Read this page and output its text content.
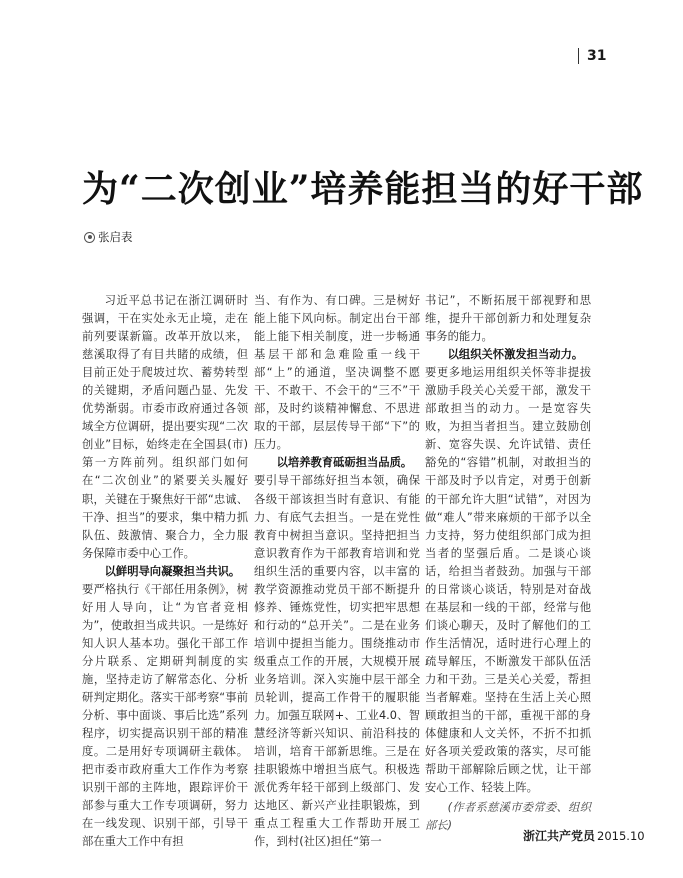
31
为“二次创业”培养能担当的好干部
张启表

习近平总书记在浙江调研时强调，干在实处永无止境，走在前列要谋新篇。改革开放以来，慈溪取得了有目共睹的成绩，但目前正处于爬坡过坎、蓄势转型的关键期，矛盾问题凸显、先发优势渐弱。市委市政府通过各领域全方位调研，提出要实现“二次创业”目标，始终走在全国县(市)第一方阵前列。组织部门如何在“二次创业”的紧要关头履好职，关键在于聚焦好干部“忠诚、干净、担当”的要求，集中精力抓队伍、鼓激情、聚合力，全力服务保障市委中心工作。

以鲜明导向凝聚担当共识。

要严格执行《干部任用条例》，树好用人导向，让“为官者竞相为”，使敢担当成共识。一是练好知人识人基本功。强化干部工作分片联系、定期研判制度的实施，坚持走访了解常态化、分析研判定期化。落实干部考察“事前分析、事中面谈、事后比选”系列程序，切实提高识别干部的精准度。二是用好专项调研主载体。把市委市政府重大工作作为考察识别干部的主阵地，跟踪评价干部参与重大工作专项调研，努力在一线发现、识别干部，引导干部在重大工作中有担

当、有作为、有口碑。三是树好能上能下风向标。制定出台干部能上能下相关制度，进一步畅通基层干部和急难险重一线干部“上”的通道，坚决调整不愿干、不敢干、不会干的“三不”干部，及时约谈精神懈怠、不思进取的干部，层层传导干部“下”的压力。

以培养教育砥砺担当品质。

要引导干部练好担当本领，确保各级干部该担当时有意识、有能力、有底气去担当。一是在党性教育中树担当意识。坚持把担当意识教育作为干部教育培训和党组织生活的重要内容，以丰富的教学资源推动党员干部不断提升修养、锤炼党性，切实把牢思想和行动的“总开关”。二是在业务培训中提担当能力。围绕推动市级重点工作的开展，大规模开展业务培训。深入实施中层干部全员轮训，提高工作骨干的履职能力。加强互联网+、工业4.0、智慧经济等新兴知识、前沿科技的培训，培育干部新思维。三是在挂职锻炼中增担当底气。积极选派优秀年轻干部到上级部门、发达地区、新兴产业挂职锻炼，到重点工程重大工作帮助开展工作，到村(社区)担任“第一

书记”，不断拓展干部视野和思维，提升干部创新力和处理复杂事务的能力。

以组织关怀激发担当动力。

要更多地运用组织关怀等非提拔激励手段关心关爱干部，激发干部敢担当的动力。一是宽容失败，为担当者担当。建立鼓励创新、宽容失误、允许试错、责任豁免的“容错”机制，对敢担当的干部及时予以肯定，对勇于创新的干部允许大胆“试错”，对因为做“难人”带来麻烦的干部予以全力支持，努力使组织部门成为担当者的坚强后盾。二是谈心谈话，给担当者鼓劲。加强与干部的日常谈心谈话，特别是对奋战在基层和一线的干部，经常与他们谈心聊天，及时了解他们的工作生活情况，适时进行心理上的疏导解压，不断激发干部队伍活力和干劲。三是关心关爱，帮担当者解难。坚持在生活上关心照顾敢担当的干部，重视干部的身体健康和人文关怀，不折不扣抓好各项关爱政策的落实，尽可能帮助干部解除后顾之忧，让干部安心工作、轻装上阵。

(作者系慈溪市委常委、组织部长)

浙江共产党员 2015.10
